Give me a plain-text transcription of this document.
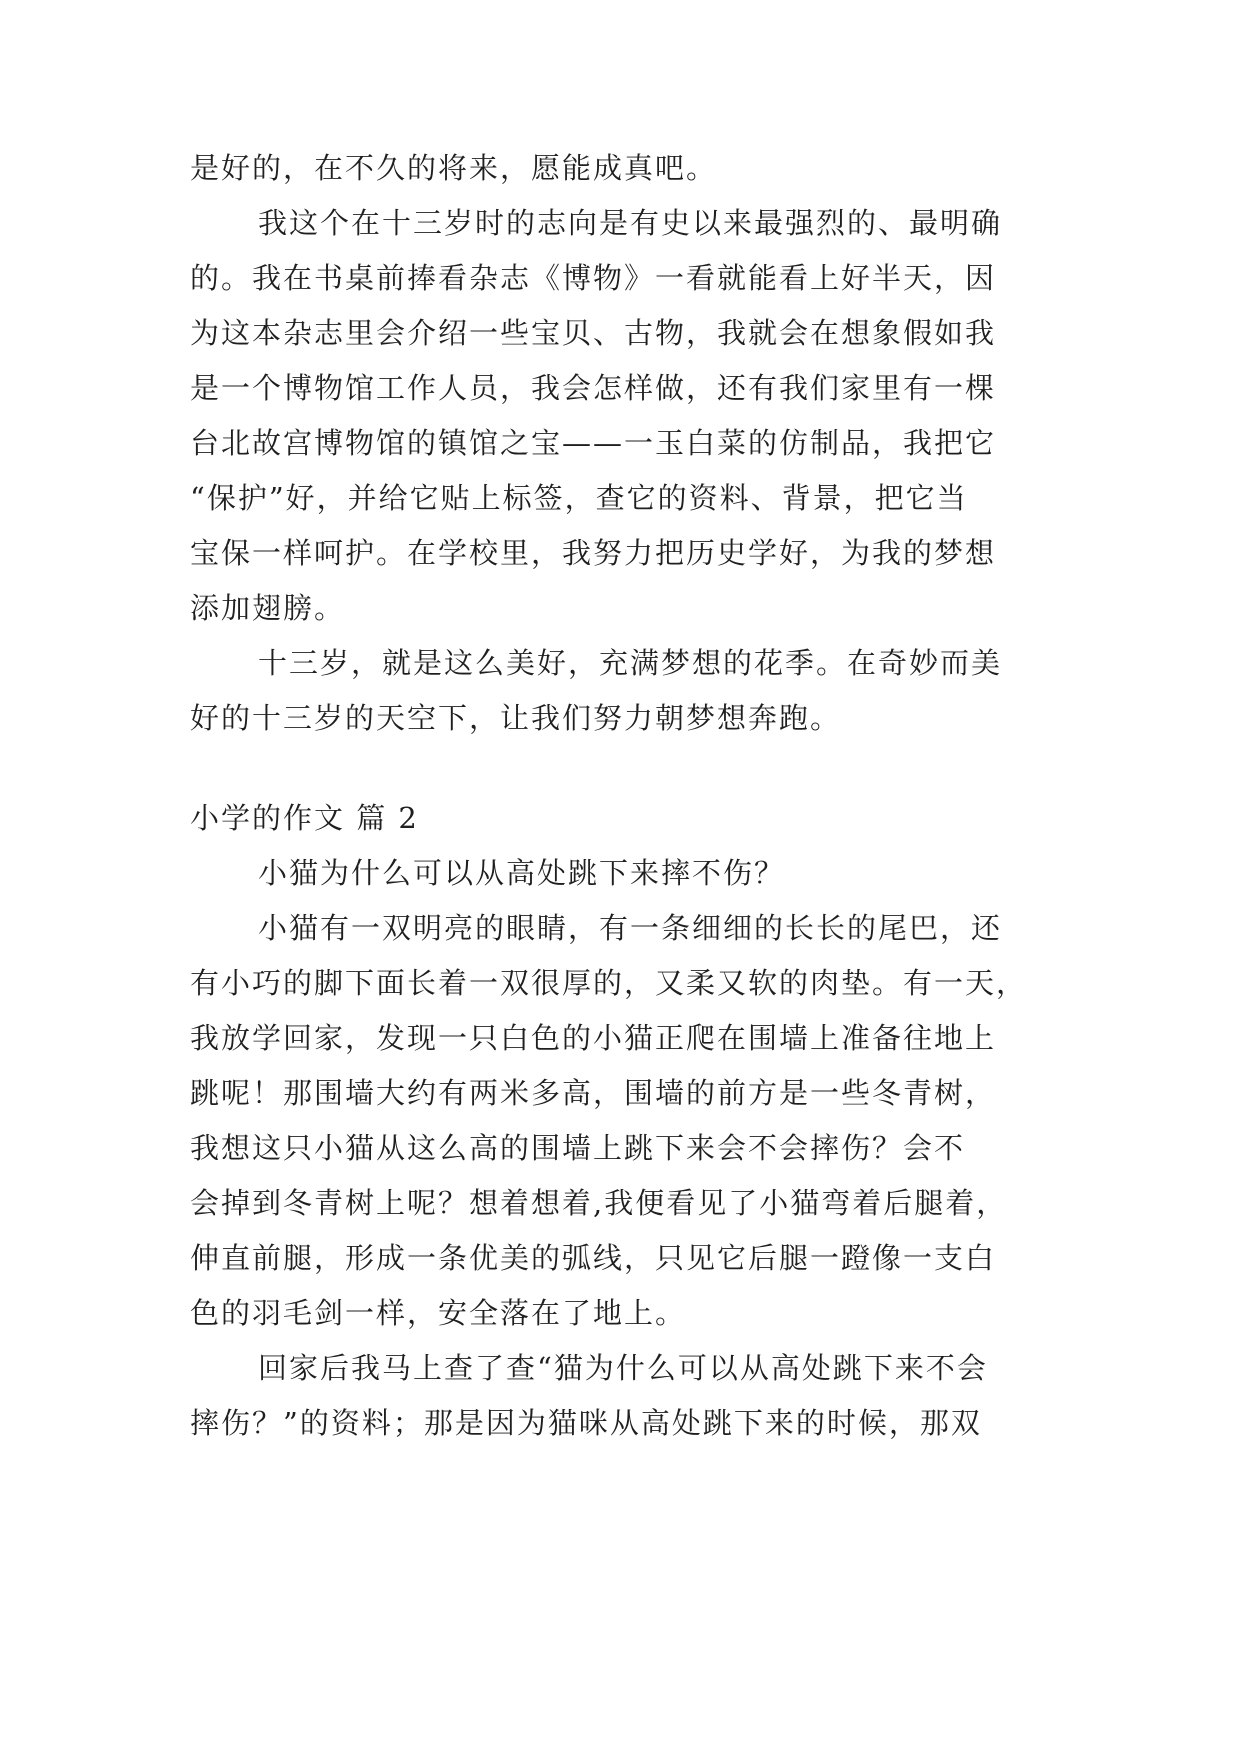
是好的，在不久的将来，愿能成真吧。
我这个在十三岁时的志向是有史以来最强烈的、最明确
的。我在书桌前捧看杂志《博物》一看就能看上好半天，因
为这本杂志里会介绍一些宝贝、古物，我就会在想象假如我
是一个博物馆工作人员，我会怎样做，还有我们家里有一棵
台北故宫博物馆的镇馆之宝——一玉白菜的仿制品，我把它
“保护”好，并给它贴上标签，查它的资料、背景，把它当
宝保一样呵护。在学校里，我努力把历史学好，为我的梦想
添加翅膀。
十三岁，就是这么美好，充满梦想的花季。在奇妙而美
好的十三岁的天空下，让我们努力朝梦想奔跑。
小学的作文 篇 2
小猫为什么可以从高处跳下来摔不伤？
小猫有一双明亮的眼睛，有一条细细的长长的尾巴，还
有小巧的脚下面长着一双很厚的，又柔又软的肉垫。有一天，
我放学回家，发现一只白色的小猫正爬在围墙上准备往地上
跳呢！那围墙大约有两米多高，围墙的前方是一些冬青树，
我想这只小猫从这么高的围墙上跳下来会不会摔伤？会不
会掉到冬青树上呢？想着想着,我便看见了小猫弯着后腿着，
伸直前腿，形成一条优美的弧线，只见它后腿一蹬像一支白
色的羽毛剑一样，安全落在了地上。
回家后我马上查了查“猫为什么可以从高处跳下来不会
摔伤？”的资料；那是因为猫咪从高处跳下来的时候，那双
